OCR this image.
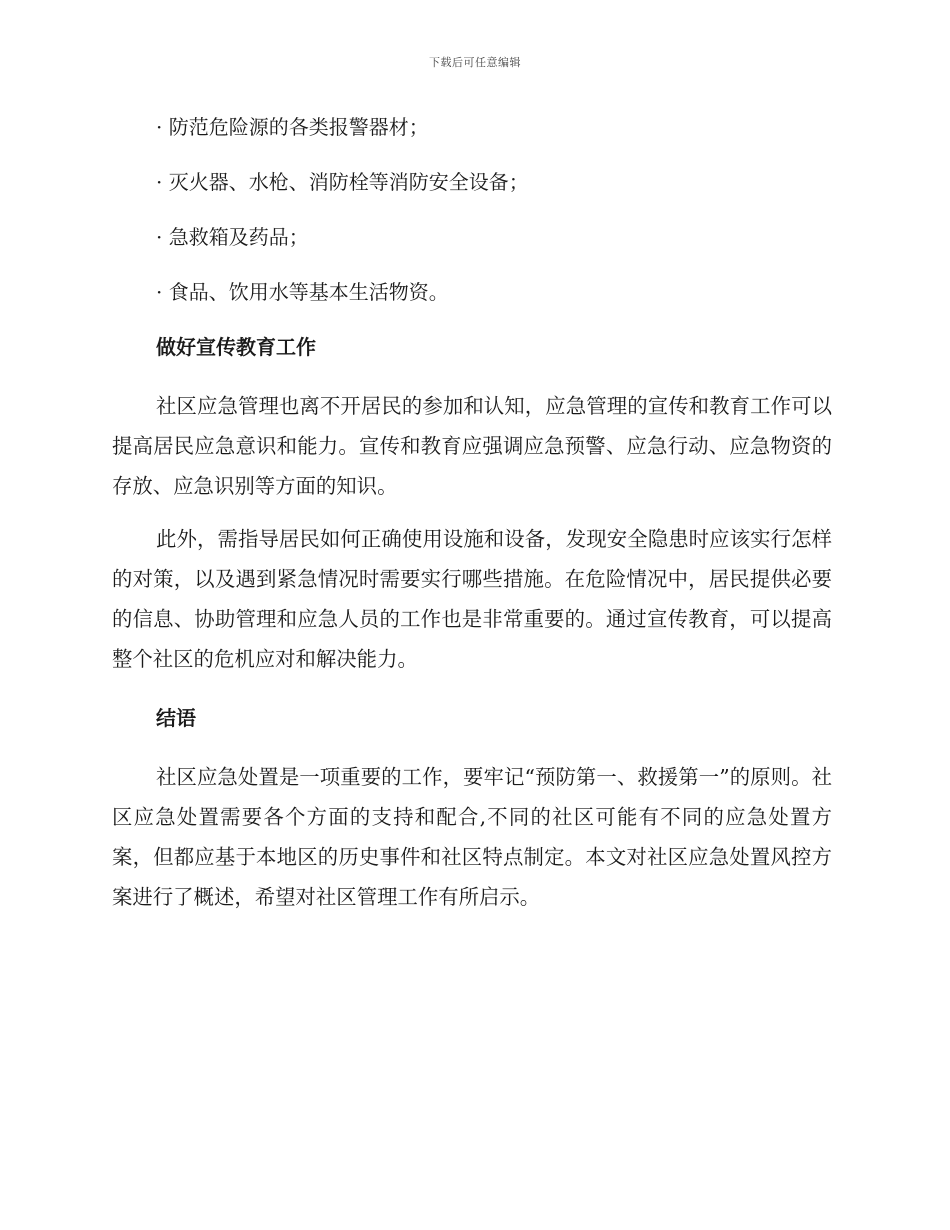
下载后可任意编辑
· 防范危险源的各类报警器材；
· 灭火器、水枪、消防栓等消防安全设备；
· 急救箱及药品；
· 食品、饮用水等基本生活物资。
做好宣传教育工作

社区应急管理也离不开居民的参加和认知，应急管理的宣传和教育工作可以提高居民应急意识和能力。宣传和教育应强调应急预警、应急行动、应急物资的存放、应急识别等方面的知识。

此外，需指导居民如何正确使用设施和设备，发现安全隐患时应该实行怎样的对策，以及遇到紧急情况时需要实行哪些措施。在危险情况中，居民提供必要的信息、协助管理和应急人员的工作也是非常重要的。通过宣传教育，可以提高整个社区的危机应对和解决能力。

结语

社区应急处置是一项重要的工作，要牢记“预防第一、救援第一”的原则。社区应急处置需要各个方面的支持和配合,不同的社区可能有不同的应急处置方案，但都应基于本地区的历史事件和社区特点制定。本文对社区应急处置风控方案进行了概述，希望对社区管理工作有所启示。
